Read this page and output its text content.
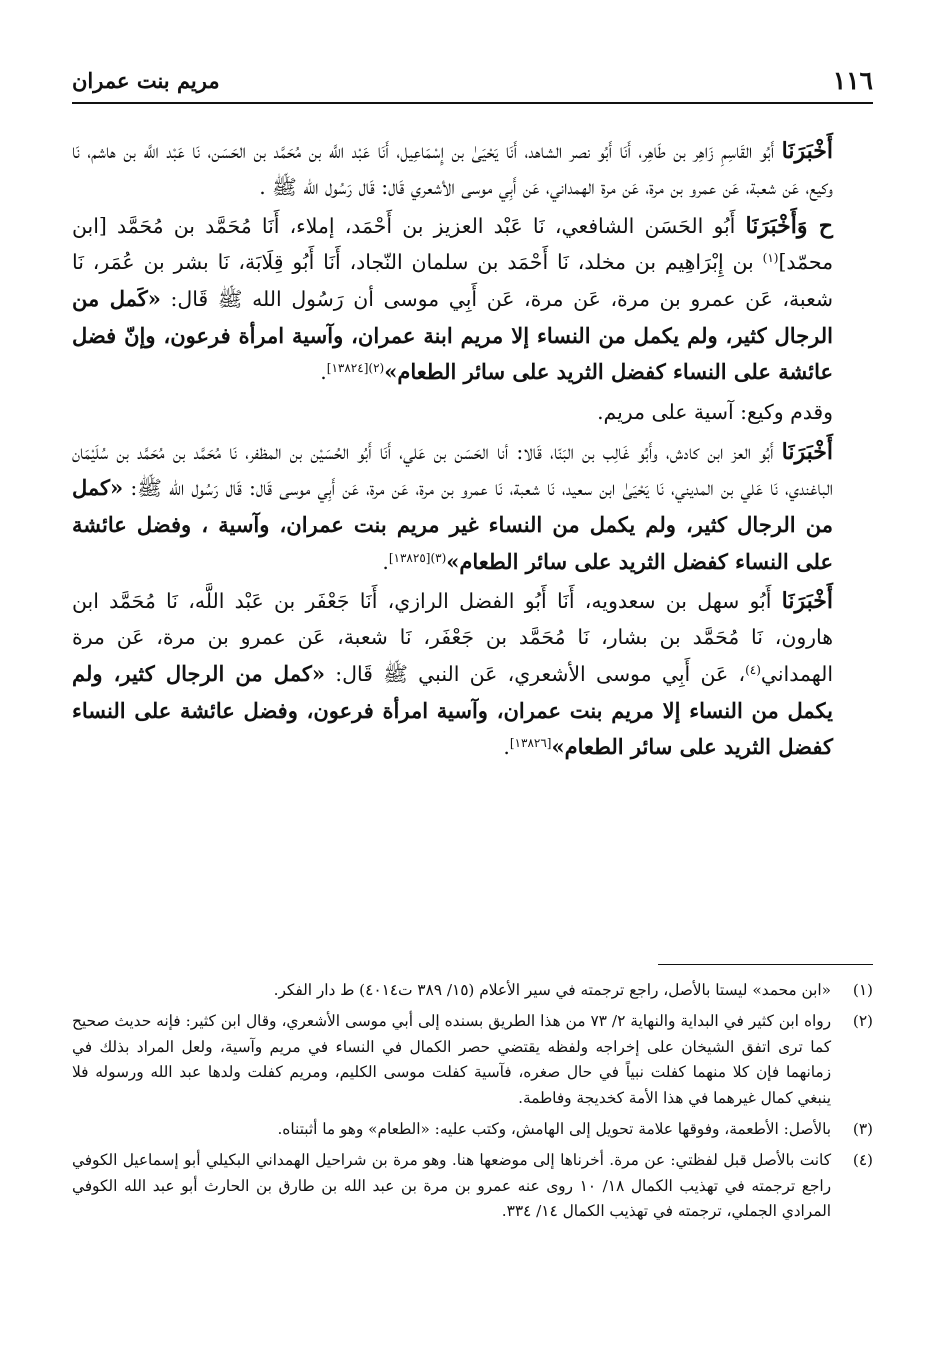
١١٦
مريم بنت عمران

أَخْبَرَنَا أَبُو القَاسِمِ زَاهِر بن طَاهِر، أَنَا أَبُو نصر الشاهد، أَنَا يَحْيَىٰ بن إِسْمَاعِيل، أَنَا عَبْد اللَّه بن مُحَمَّد بن الحَسَن، نَا عَبْد اللَّه بن هاشم، نَا وكيع، عَن شعبة، عَن عمرو بن مرة، عَن مرة الهمداني، عَن أَبِي موسى الأشعري قَال: قَال رَسُول الله ﷺ .

ح وَأَخْبَرَنَا أَبُو الحَسَن الشافعي، نَا عَبْد العزيز بن أَحْمَد، إملاء، أَنَا مُحَمَّد بن مُحَمَّد [ابن محمّد]$^{(١)}$ بن إِبْرَاهِيم بن مخلد، نَا أَحْمَد بن سلمان النّجاد، أَنَا أَبُو قِلَابَة، نَا بشر بن عُمَر، نَا شعبة، عَن عمرو بن مرة، عَن مرة، عَن أَبِي موسى أن رَسُول الله ﷺ قَال: «كَمل من الرجال كثير، ولم يكمل من النساء إلا مريم ابنة عمران، وآسية امرأة فرعون، وإنّ فضل عائشة على النساء كفضل الثريد على سائر الطعام»$^{(٢)[١٣٨٢٤]}$.

وقدم وكيع: آسية على مريم.

أَخْبَرَنَا أَبُو العز ابن كادش، وأَبُو غَالِب بن البَنّا، قَالا: أنا الحَسَن بن عَلي، أَنَا أَبُو الحُسَيْن بن المظفر، نَا مُحَمَّد بن مُحَمَّد بن سُلَيْمَان الباغندي، نَا عَلي بن المديني، نَا يَحْيَىٰ ابن سعيد، نَا شعبة، نَا عمرو بن مرة، عَن مرة، عَن أَبِي موسى قَال: قَال رَسُول الله ﷺ: «كمل من الرجال كثير، ولم يكمل من النساء غير مريم بنت عمران، وآسية ، وفضل عائشة على النساء كفضل الثريد على سائر الطعام»$^{(٣)[١٣٨٢٥]}$.

أَخْبَرَنَا أَبُو سهل بن سعدويه، أَنَا أَبُو الفضل الرازي، أَنَا جَعْفَر بن عَبْد اللَّه، نَا مُحَمَّد ابن هارون، نَا مُحَمَّد بن بشار، نَا مُحَمَّد بن جَعْفَر، نَا شعبة، عَن عمرو بن مرة، عَن مرة الهمداني$^{(٤)}$، عَن أَبِي موسى الأشعري، عَن النبي ﷺ قَال: «كمل من الرجال كثير، ولم يكمل من النساء إلا مريم بنت عمران، وآسية امرأة فرعون، وفضل عائشة على النساء كفضل الثريد على سائر الطعام»[١٣٨٢٦].

(١)
«ابن محمد» ليستا بالأصل، راجع ترجمته في سير الأعلام (١٥/ ٣٨٩ ت٤٠١٤) ط دار الفكر.
(٢)
رواه ابن كثير في البداية والنهاية ٢/ ٧٣ من هذا الطريق بسنده إلى أبي موسى الأشعري، وقال ابن كثير: فإنه حديث صحيح كما ترى اتفق الشيخان على إخراجه ولفظه يقتضي حصر الكمال في النساء في مريم وآسية، ولعل المراد بذلك في زمانهما فإن كلا منهما كفلت نبياً في حال صغره، فآسية كفلت موسى الكليم، ومريم كفلت ولدها عبد الله ورسوله فلا ينبغي كمال غيرهما في هذا الأمة كخديجة وفاطمة.
(٣)
بالأصل: الأطعمة، وفوقها علامة تحويل إلى الهامش، وكتب عليه: «الطعام» وهو ما أثبتناه.
(٤)
كانت بالأصل قبل لفظتي: عن مرة. أخرناها إلى موضعها هنا. وهو مرة بن شراحيل الهمداني البكيلي أبو إسماعيل الكوفي راجع ترجمته في تهذيب الكمال ١٨/ ١٠ روى عنه عمرو بن مرة بن عبد الله بن طارق بن الحارث أبو عبد الله الكوفي المرادي الجملي، ترجمته في تهذيب الكمال ١٤/ ٣٣٤.
